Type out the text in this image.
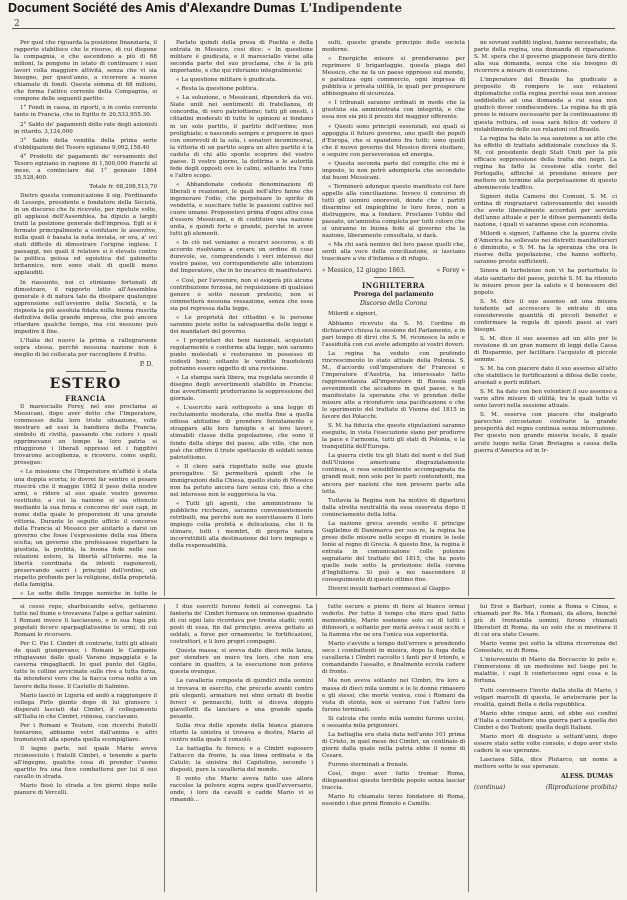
Document Société des Amis d'Alexandre Dumas L'Indipendente
2

Per quel che riguarda la posizione finanziaria, il rapporto stabilisce che le risorse, di cui dispone la compagnia, e che ascendono a più di 68 milioni, la pongono in istato di continuare i suoi lavori colla maggiore attività, senza che vi sia bisogno, per quest'anno, a ricorrere a nuove chiamate di fondi. Questa somma di 68 milioni, che forma l'attivo corrente della Compagnia, si compone delle seguenti partite:

1° Fondi in cassa, in riporti, o in conto corrente tanto in Francia, che in Egitto fr. 20,533,955.30.

2° Saldo de' pagamenti delle rate degli azionisti in ritardo. 3,124,000

3° Saldo della vendita della prima serie d'obbligazioni del Tesoro egiziano 9,092,158.40

4° Prodotti de' pagamenti de' versamenti del Tesoro egiziano in ragione di 1,500,000 franchi al mese, a cominciare dal 1° gennaio 1864 35,528,400.

Totale fr. 68,298,513,70

Dietro questa comunicazione il sig. Ferdinando di Lesseps, presidente e fondatore della Società, in un discorso che fu ricevuto, per ripetute volte, gli applausi dell'Assemblea, ha diputo a largiti tratti la posizione generale dell'impresa. Egli si è fermato principalmente a confutare le asserzive, nulla quali è basata la nota inviata, or ora, a' ovi stati difficile di dimostrare l'origine inglese. I passaggi, nei quali il relatore si è elevato contro la politica gelosa ed egoistica del gabinetto britannico, non sono stati di quelli meno applauditi.

In riassunto, noi ci stimiamo fortunati di dimostrare, il rapporto letto all'Assemblea generale è di natura tale da dissipare qualunque apprensione sull'avvenire della Società, e la risposta la più assoluta fidata nulla buona riuscita definitiva della grande impresa, che può ancora ritardare qualche tempo, ma cui nessuno può impedire il fine.

L'Italia del nuovo la prima a rallegrarsene sopra stessa, perchè nessuna nazione non è meglio di lei collocata per raccogliere il frutto.

P. D.
ESTERO
FRANCIA

Il maresciallo Forey, nel suo proclama ai Messicani, dopo aver detto che l'Imperatore, commosso della loro triste situazione, volle mostrare ad essi la bandiera della Francia, simbolo di civiltà, passando che coloro i quali opprimevano un tempo la loro patria si rifuggirono i liberali oppressi ed i fuggitivi trovarono accoglienza, e ricovero, come ospiti, prosegue:

« Le missione che l'Imperatore m'affidò è stata una doppia scorta; io dovrei far sentire si pesare riuscirà che il maggio 1862 il peso della nostre armi, e ridere al suo quale vostro governo costituito, a cui la nazione si sia ottenuto mediante la sua forza e concorso de' suoi capi, in nome della quale le proporzioni di una grande vittoria. Durante lo seguito ufficio il concorso della Francia al Messico per aiutarlo a darsi un governo che fosse l'espressione della sua libera scelta; un governo che professasse rispettare la giustizia, la probità, la buona fede nelle sue relazioni estere, la libertà all'interno, ma la libertà coordinata da intenti ragionevoli, preservando sacri i principii dell'ordine, un rispetto profondo per la religione, della proprietà, della famiglia.

« Le sette delle truppe nemiche in tutte le

Parlato quindi della presa di Puebla e della entrata in Messico, così dice: « In questione militare è giudicata, e il maresciallo viene alla seconda parte del suo proclama, che è la più importante, e che qui riferiamo integralmente:

« La questione militare è giudicata.

« Resta la questione politica.

« La soluzione, o Messicani, dipenderà da voi. Siate unili nei sentimenti di fratellanza, di concordia, di vero patriottismo; tutti gli onesti, i cittadini moderati di tutte le opinioni si fondano in un solo partito, il partito dell'ordine; non prolighiate; e nascondo sempre e proporre in quei con onorevoli di la sola, i senatori incomincerai, la vittoria di un partito sopra un altro partito è la caduta di chi allo sponte scoprire del vostro paese. Il vostro giorno, la dottrina e le autorità fede degli opposti ove lo calmi, soltanto tra l'uno e l'altro scopo.

« Abbandonate codeste denominazioni di liberali e reazionari, le quali nell'altro fanno che ingenerare l'odio, che perpetuare lo spirito di vendetta, e suscitare tutte le passioni cattive nel cuore umano. Proponetevi prima d'ogni altra cosa d'essere Messicani, e di costituire una nazione unita, e quindi forte e grande, perché in avere tutti gli elementi.

« In ciò nel veniamo a recarvi soccorso, e di accordo risolviamo a creare un ordine di cose durevole, se, comprendendo i veri interessi del vostro paese, voi corrisponderete alle intenzioni del Imperatore, che in ho incarico di manifestarvi.

« Così, per l'avvenire, non si esigerà più alcuna contribuzione forzosa, né requisizione di qualsiasi genere o sotto nessun pretesto, non si commetterà nessuna vessazione, senza che essa sia poi repressa dalla legge.

« Le proprietà dei cittadini e le persone saranno poste sotto la salvaguardia delle leggi e dei mandatari del governo.

« I proprietari dei beni nazionali, acquistati regolarmente e conforme alla legge, non saranno punto molestati e resteranno in possesso di codesti beni; soltanto le vendite fraudolenti potranno essere oggetto di una revisione.

« La stampa sarà libera, ma regolata secondo il disegno degli avvertimenti stabilito in Francia: due avvertimenti produrranno la soppressione del giornale.

« L'esercito sarà sottoposto a una legge di reclutamento moderata, che metta fine a quella odiosa abitudine di prendere forzatamente e strappare alle loro famiglie e ai loro lavori, stimabili classe della popolazione, che sono il fondo della stirpe del paese, alle ville, che non può che offrire il triste spettacolo di soldati senza patriottismo.

« Il clero sarà rispettato nelle sue giuste prerogative. Si permetterà quindi che le immigrazioni della Chiesa, quello stato di Messico non ha potuto ancora fare senza ciò, fino a che nel interesse non le suggerisca la via.

« Tutti gli agenti, che amministrano le pubbliche ricchezze, saranno convenientemente retribuiti, ma perchè non ne esercitassero il loro impiego colla probità e delicatezza, che li fa stimare, tutti i membri, di propria natura incorruttibili alla destinazione del loro impiego e della responsabilità.

sulti, questo grande principio delle società moderne.

« Energiche misure si prenderanno per reprimere il brigantaggio, questa piaga del Messico, che ne fa un paese oppresso sul mondo, e paralizza ogni commercio, ogni impresa di pubblica o privata utilità, le quali per prosperare abbisognano di sicurezza.

« I tribunali saranno ordinati in modo che la giustizia sia amministrata con integrità, e che essa non sia più il prezzo del maggior offerente.

« Questi sono principii essenziali, sui quali si appoggia il futuro governo, uno quelli dei popoli d'Europa, che si spandono fra tutti; sono quelli che il nuovo governo del Messico dovrà studiare, e seguire con perseveranza ed energia.

« Questa seconda parte del compito che mi è imposto, io non potrò adempierla che secondato dai buoni Messicani.

« Terminerò adunque questo manifesto col fare appello alla conciliazione. Invoco il concorso di tutti gli uomini onorevoli, donde che i partiti disarmino ed impieghino le loro forze, non a distruggere, ma a fondare. Proclamo l'oblio del passato, un'amnistia completa per tutti coloro che si uniranno in buona fede al governo che la nazione, liberamente consultata, si darà.

« Ma chi sarà nemico del loro paese quelli che, sordi alla voce della conciliazione, si lasciano trascinare a vie d'infamia e di rifugio.

« Messico, 12 giugno 1863.	« Forey »
INGHILTERRA
Proroga del parlamento
Discorso della Corona

Milordi e signori,

Abbiamo ricevuto da S. M. l'ordine di dichiararvi chiusa la sessione del Parlamento, e in pari tempo di dirvi che S. M. riconosce la zelo e l'assiduità con cui avete adempito ai vostri doveri.

La regina ha veduto con profondo rincrescimento lo stato attuale della Polonia. S. M., d'accordo coll'imperatore de' Francesi e l'imperatore d'Austria, ha interessato fatto rappresentanza all'imperatore di Russia sugli avvenimenti che accadono in quel paese, e ha manifestato la speranza che vi prendan delle misure atte a ricondurre una pacificazione e che lo sperimento del trattato di Vienna del 1815 in favore dei Polacchi.

S. M. ha fiducia che queste stipulazioni saranno eseguite, in vista l'esecuzione siano per produrre la pace e l'armonia, tutti gli stati di Polonia, e la tranquillità dell'Europa.

La guerra civile tra gli Stati del nord e del Sud dell'Unione americana disgraziatamente continua, e resa sensibilmente accompagnata da grandi mali, non solo per le parti contendenti, ma ancora per nazioni che non presero parte alla lotta.

Tuttavia la Regina non ha motivo di dipartirsi dalla stretta neutralità da essa osservata dopo il cominciamento della lotta.

La nazione greca avendo scelto il principe Guglielmo di Danimarca per suo re, la regina ha preso delle misure nelle scopo di riunire le isole Ionie al regno di Grecia. A questo fine, la regina è entrata in comunicazione colle potenze segnatarie del trattato del 1815, che ha posto quelle isole sotto la protezione della corona d'Inghilterra. Si può a noi nascondere il conseguimento di questo ottimo fine.

Diversi insulti barbari commessi al Giappo-

ne sovrani sudditi inglesi, hanno necessitato, da parte della regina, una domanda di riparazione. S. M. spera che il governo giapponese farà diritto alla sua domanda, senza che sia bisogno di ricorrere a misure di coercizione.

L'imperatore del Brasile ha giudicato a proposito di rompere le sue relazioni diplomatiche colla regina perché essa non avesse soddisfatto ad una domanda a cui essa non giudicò dover condiscendere. La regina ha di già preso le misure necessarie per la continuazione di questa rottura, ed essa sarà felice di vedere il ristabilimento delle sue relazioni col Brasile.

La regina ha dato la sua sanzione a un atto che ha effetto di trattato addizionale concluso da S. M. col presidente degli Stati Uniti per la più efficace soppressione della tratta dei negri. La regina ha fatto la cessione alla corte del Portogallo, affinché si prendano misure per mettere un termine alla perpetuazione di questo abominevole traffico.

Signori della Camera dei Comuni, S. M. ci ordina di ringraziarvi calorosamente dei sussidi che avete liberalmente accordati per servizio dell'anno attuale e per le difese permanenti della nazione, i quali vi saranno spese con economia.

Milordi e signori, l'affanno che la guerra civile d'America ha sollevato nei distretti manifatturieri è diminuito, e S. M. ha la speranza che ora le risorse della popolazione, che hanno sofferto, saranno presto sufficienti.

Sinora di turbolenze non vi ha perturbato lo stato sanitario del paese, poichè S. M. ha ritenuto le misure prese per la salute e il benessere del popolo.

S. M. dice il suo assenso ad una misura tendente ad accrescere le entrate di una considerevole quantità di piccoli benefici e conformare la regola di questi paesi ai vari bisogni.

S. M. dice il suo assenso ad un atto per le revisione di un gran numero di leggi della Cassa di Risparmio, per facilitare l'acquisto di piccole somme.

S. M. ha con piacere dato il suo assenso all'atto che stabilisce le fortificazioni a difesa delle coste, arsenali e porti militari.

S. M. ha dato con ben volentieri il suo assenso a varie altre misure di utilità, tra le quali tutte vi sono lavori nella sessione attuale.

S. M. osserva con piacere che malgrado parecchie circostanze contrarie la grande prosperità del regno continua senza interruzione. Per questo non grande miseria locale, il quale avuto luogo nella Gran Bretagna a causa della guerra d'America ed in Ir-

si cessò repe, sbarbucando selve, gettarono tutte nel fiume e trovavano l'alpe a gettar salmini. I Romani invece li lasciavano, e in sua fuga più popolati fecero sparpagliatissime le ormi, di cui Romani lo ricorsero.

Per C. Pio I. Cimbri di contrarie, tutti gli alleati de quali giungevano; i Romani le Campanie rifugiavano dalle quali Varano ingaggiata e la caverna ringagliardì. In quel punto del Giglio, tutte le colline avvicinate sulle rive a tutta forza, da intendersi vero che la fiacca corsa notte a un lavoro della fosse. Il Castello di Salmine.

Mario lasciò in Liguria ed andò a raggiungere il collega Pirlo giunto dopo di lui giunsero i disperati lasciati dai Cimbri, il collegamento all'Italia in che Cimbri, ruinosa, cacciavano.

Per i Romani e Teutoni, con ricerchi fratelli tentarono, abbiamo vetri dall'anima e altri tramutevoli alla sponda quella scompigliare.

Il legno parte, nel quale Mario aveva riconosciuto i fratelli Cimbri, e tenendo a parte all'ingegno, qualche cosa di prender l'uomo spartito fra una foce combattersi per lui il suo cavallo in strada.

Mario fissò lo strada a tre giorni dopo nelle pianure di Vercelli.

I due eserciti furono fedeli al convegno. La fanteria de' Cimbri formava un immenso quadrato di cui ogni lato ricordava per trenta stadii; venti posti di essa, fin dal principio, aveva gettato ai soldati, a forse per ornamento; le fortificazioni, costruttori, e li loro propri compagni.

Questa massa; si aveva dalle dieci mila lanza, per stendere un muro tra loro, che non era contare in quattro, a la esecuzione non poteva questa ovunque.

La cavalleria composta di quindici mila uomini si trovava in esercito, che precede avanti contro più eleganti, armature nei elmi ornati di bestie feroci e pennacchi, tutti si diceva doppio giavellotti da lanciare e una grande spada pesante.

Sulla riva delle sponde della bianca pianura ritorto la sinistra si trovava a destra, Mario al centro nella quale il consolò.

La battaglia fu feroce; e a Cimbri esposero l'attacco da fronte, la sua linea ordinata e da Catulo; la sinistra del Capitolino, secondo i disposti, pure la cavalleria del mondo.

Il vento che Mario aveva fatto uso allora raccolse la polvere sopra sopra quell'avversario, onde, i loro da cavalli e cadde Mario vi si rimandò...

tutte oscure e pieno di fiere al bianco ormai vederlo. Per tutto il tempo che duro quel fatto memorabile, Mario sostenne solo su di tutti i difensori, e soltanto per metà aveva i suoi occhi e la fiamma che ne era l'unica sua superiorità.

Mario s'avvide a tempo dell'errore e prendendo seco i combattenti in misura, dopo la fuga della cavalleria i Cimbri raccolto i fanti per il trionfo, e comandando l'assalto, e finalmente eccola cadere di fronte.

Ma non aveva soltanto nei Cimbri, fra loro a massa di dieci mila uomini e le le donne rimasero e gli stessi, che morte veniva, così i Romani da vista di stento, non si serrano l'un l'altro loro furono terminati.

Si calcola che cento mila uomini furono uccisi, e sessanta mila prigionieri.

La battaglia era stata data nell'anno 101 prima di Cristo, in quel mese dei Cimbri, un centinaio di giorni dalla quale nella patria ebbe il nome di Cesare.

Furono sterminati a frenate.

Così, dopo aver fatto tremar Roma, dileguandosi questo terribile popolo senza lasciar traccia.

Mario fu chiamato terzo fondatore di Roma, essendo i due primi Romolo e Camillo.

lui Eroi e Barbari, come a Roma e Cinea, e chiamati per Re. Ma i Romani, da allora, benché più di trentamila uomini, furono chiamati liberatori di Roma, da un solo che si mostrava il di cui era stato Cesare.

Mario venne poi sotto la ultima ricorrenza del Consolato, su di Roma.

L'intervenuto di Mario da Boccaccio lo pelo e, l'immersione di un medesimo nel luogo poi le malattie, i capi li conferiscono ogni cosa e la fortuna.

Tutti convinsero l'invito dalla stella di Mario, i volgari marcelli di questa, le aristocrazie per la rivalità, quindi Bella e della repubblica.

Mario ebbe cinque anni, ed ebbe sui confini d'Italia a combattere una guerra pari a quella dei Cimbri e dei Teutoni; quella degli Italiani.

Mario morì di disgusto a settant'anni, dopo essere stato sette volte console, e dopo aver visto cadere le sue speranze.

Lasciava Silla, dice Plutarco, un nome a mettere sotto le sue speranze.

ALESS. DUMAS
(continua)	(Riproduzione proibita)
